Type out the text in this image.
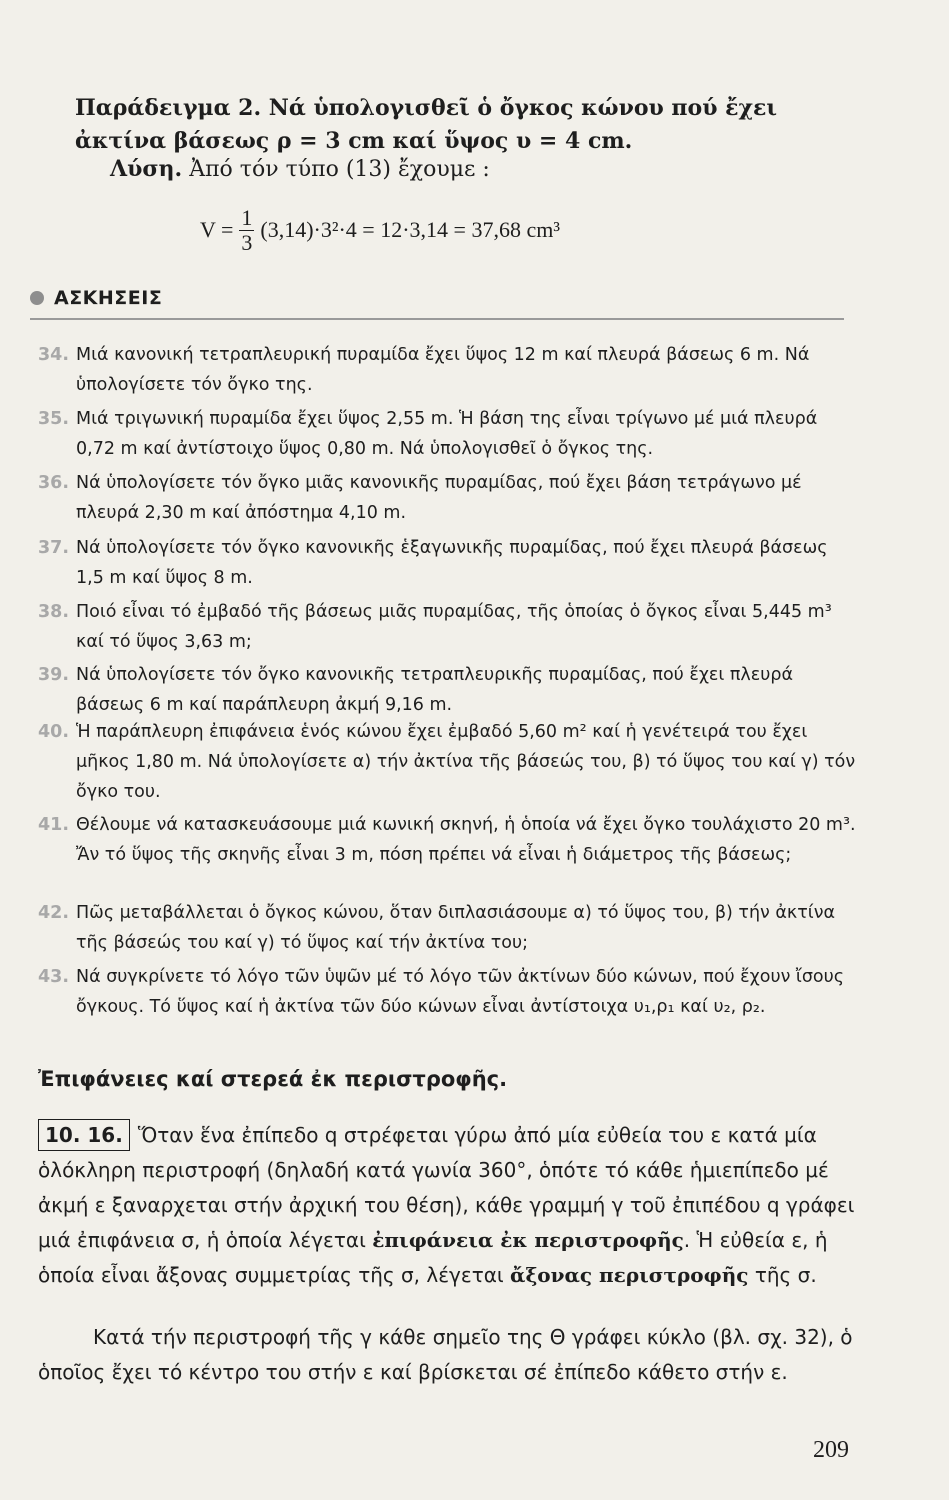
Παράδειγμα 2. Νά ὑπολογισθεῖ ὁ ὄγκος κώνου πού ἔχει ἀκτίνα βάσεως ρ = 3 cm καί ὕψος υ = 4 cm.
Λύση. Ἀπό τόν τύπο (13) ἔχουμε :
$V = \frac{1}{3} (3,14)\cdot 3^2\cdot 4 = 12\cdot 3,14 = 37,68$ cm³
ΑΣΚΗΣΕΙΣ
34. Μιά κανονική τετραπλευρική πυραμίδα ἔχει ὕψος 12 m καί πλευρά βάσεως 6 m. Νά ὑπολογίσετε τόν ὄγκο της.
35. Μιά τριγωνική πυραμίδα ἔχει ὕψος 2,55 m. Ἡ βάση της εἶναι τρίγωνο μέ μιά πλευρά 0,72 m καί ἀντίστοιχο ὕψος 0,80 m. Νά ὑπολογισθεῖ ὁ ὄγκος της.
36. Νά ὑπολογίσετε τόν ὄγκο μιᾶς κανονικῆς πυραμίδας, πού ἔχει βάση τετράγωνο μέ πλευρά 2,30 m καί ἀπόστημα 4,10 m.
37. Νά ὑπολογίσετε τόν ὄγκο κανονικῆς ἑξαγωνικῆς πυραμίδας, πού ἔχει πλευρά βάσεως 1,5 m καί ὕψος 8 m.
38. Ποιό εἶναι τό ἐμβαδό τῆς βάσεως μιᾶς πυραμίδας, τῆς ὁποίας ὁ ὄγκος εἶναι 5,445 m³ καί τό ὕψος 3,63 m;
39. Νά ὑπολογίσετε τόν ὄγκο κανονικῆς τετραπλευρικῆς πυραμίδας, πού ἔχει πλευρά βάσεως 6 m καί παράπλευρη ἀκμή 9,16 m.
40. Ἡ παράπλευρη ἐπιφάνεια ἑνός κώνου ἔχει ἐμβαδό 5,60 m² καί ἡ γενέτειρά του ἔχει μῆκος 1,80 m. Νά ὑπολογίσετε α) τήν ἀκτίνα τῆς βάσεώς του, β) τό ὕψος του καί γ) τόν ὄγκο του.
41. Θέλουμε νά κατασκευάσουμε μιά κωνική σκηνή, ἡ ὁποία νά ἔχει ὄγκο τουλάχιστο 20 m³. Ἄν τό ὕψος τῆς σκηνῆς εἶναι 3 m, πόση πρέπει νά εἶναι ἡ διάμετρος τῆς βάσεως;
42. Πῶς μεταβάλλεται ὁ ὄγκος κώνου, ὅταν διπλασιάσουμε α) τό ὕψος του, β) τήν ἀκτίνα τῆς βάσεώς του καί γ) τό ὕψος καί τήν ἀκτίνα του;
43. Νά συγκρίνετε τό λόγο τῶν ὑψῶν μέ τό λόγο τῶν ἀκτίνων δύο κώνων, πού ἔχουν ἴσους ὄγκους. Τό ὕψος καί ἡ ἀκτίνα τῶν δύο κώνων εἶναι ἀντίστοιχα υ₁,ρ₁ καί υ₂, ρ₂.
Ἐπιφάνειες καί στερεά ἐκ περιστροφῆς.
10. 16. Ὅταν ἕνα ἐπίπεδο q στρέφεται γύρω ἀπό μία εὐθεία του ε κατά μία ὁλόκληρη περιστροφή (δηλαδή κατά γωνία 360°, ὁπότε τό κάθε ἡμιεπίπεδο μέ ἀκμή ε ξαναρχεται στήν ἀρχική του θέση), κάθε γραμμή γ τοῦ ἐπιπέδου q γράφει μιά ἐπιφάνεια σ, ἡ ὁποία λέγεται ἐπιφάνεια ἐκ περιστροφῆς. Ἡ εὐθεία ε, ἡ ὁποία εἶναι ἄξονας συμμετρίας τῆς σ, λέγεται ἄξονας περιστροφῆς τῆς σ.
Κατά τήν περιστροφή τῆς γ κάθε σημεῖο της Θ γράφει κύκλο (βλ. σχ. 32), ὁ ὁποῖος ἔχει τό κέντρο του στήν ε καί βρίσκεται σέ ἐπίπεδο κάθετο στήν ε.
209
